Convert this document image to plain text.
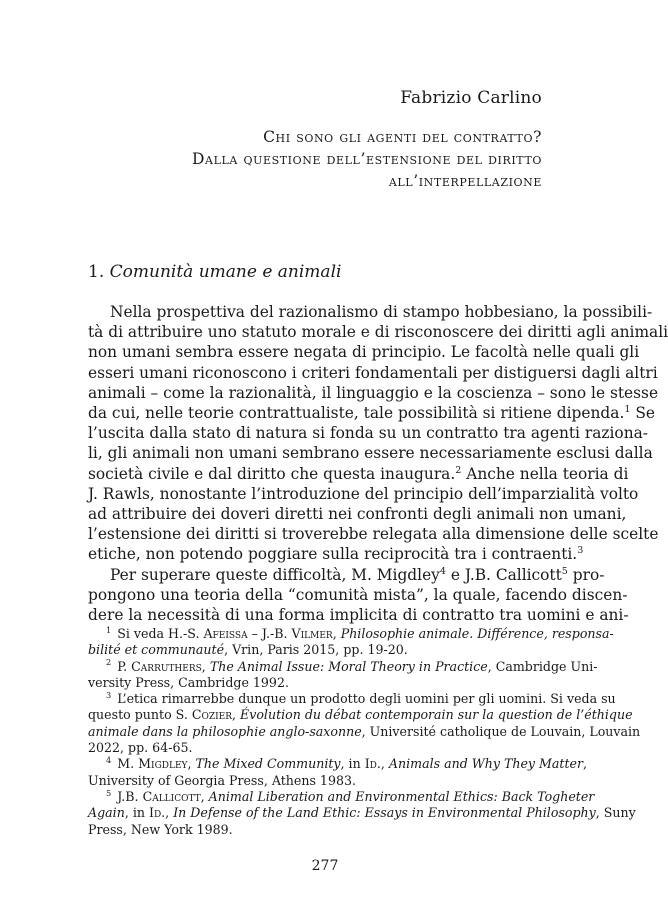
Fabrizio Carlino
Chi sono gli agenti del contratto?
Dalla questione dell’estensione del diritto
all’interpellazione
1. Comunità umane e animali
Nella prospettiva del razionalismo di stampo hobbesiano, la possibili-
tà di attribuire uno statuto morale e di risconoscere dei diritti agli animali
non umani sembra essere negata di principio. Le facoltà nelle quali gli
esseri umani riconoscono i criteri fondamentali per distiguersi dagli altri
animali – come la razionalità, il linguaggio e la coscienza – sono le stesse
da cui, nelle teorie contrattualiste, tale possibilità si ritiene dipenda.$^1$ Se
l’uscita dalla stato di natura si fonda su un contratto tra agenti raziona-
li, gli animali non umani sembrano essere necessariamente esclusi dalla
società civile e dal diritto che questa inaugura.$^2$ Anche nella teoria di
J. Rawls, nonostante l’introduzione del principio dell’imparzialità volto
ad attribuire dei doveri diretti nei confronti degli animali non umani,
l’estensione dei diritti si troverebbe relegata alla dimensione delle scelte
etiche, non potendo poggiare sulla reciprocità tra i contraenti.$^3$
Per superare queste difficoltà, M. Migdley$^4$ e J.B. Callicott$^5$ pro-
pongono una teoria della “comunità mista”, la quale, facendo discen-
dere la necessità di una forma implicita di contratto tra uomini e ani-
$^1$ Si veda H.-S. Afeissa – J.-B. Vilmer, Philosophie animale. Différence, responsa-
bilité et communauté, Vrin, Paris 2015, pp. 19-20.
$^2$ P. Carruthers, The Animal Issue: Moral Theory in Practice, Cambridge Uni-
versity Press, Cambridge 1992.
$^3$ L’etica rimarrebbe dunque un prodotto degli uomini per gli uomini. Si veda su
questo punto S. Cozier, Évolution du débat contemporain sur la question de l’éthique
animale dans la philosophie anglo-saxonne, Université catholique de Louvain, Louvain
2022, pp. 64-65.
$^4$ M. Migdley, The Mixed Community, in Id., Animals and Why They Matter,
University of Georgia Press, Athens 1983.
$^5$ J.B. Callicott, Animal Liberation and Environmental Ethics: Back Togheter
Again, in Id., In Defense of the Land Ethic: Essays in Environmental Philosophy, Suny
Press, New York 1989.
277
